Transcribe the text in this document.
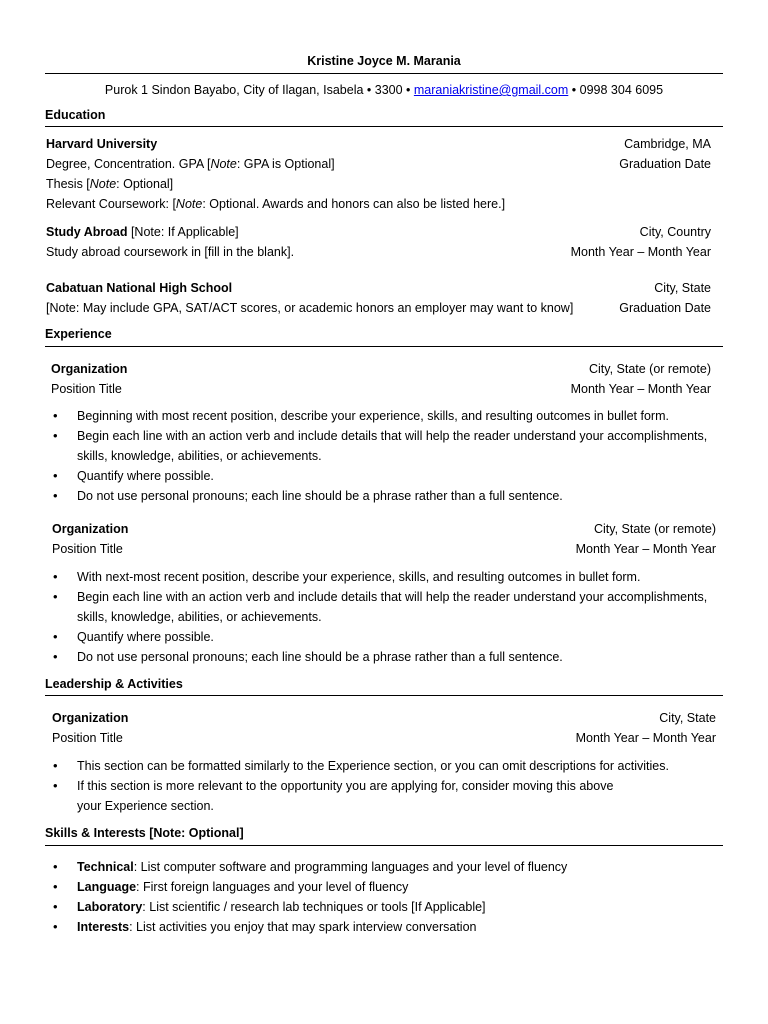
Kristine Joyce M. Marania
Purok 1 Sindon Bayabo, City of Ilagan, Isabela • 3300 • maraniakristine@gmail.com • 0998 304 6095
Education
Harvard University	Cambridge, MA
Degree, Concentration. GPA [Note: GPA is Optional]	Graduation Date
Thesis [Note: Optional]
Relevant Coursework: [Note: Optional. Awards and honors can also be listed here.]
Study Abroad [Note: If Applicable]	City, Country
Study abroad coursework in [fill in the blank].	Month Year – Month Year
Cabatuan National High School	City, State
[Note: May include GPA, SAT/ACT scores, or academic honors an employer may want to know]	Graduation Date
Experience
Organization	City, State (or remote)
Position Title	Month Year – Month Year
• Beginning with most recent position, describe your experience, skills, and resulting outcomes in bullet form.
• Begin each line with an action verb and include details that will help the reader understand your accomplishments, skills, knowledge, abilities, or achievements.
• Quantify where possible.
• Do not use personal pronouns; each line should be a phrase rather than a full sentence.
Organization	City, State (or remote)
Position Title	Month Year – Month Year
• With next-most recent position, describe your experience, skills, and resulting outcomes in bullet form.
• Begin each line with an action verb and include details that will help the reader understand your accomplishments, skills, knowledge, abilities, or achievements.
• Quantify where possible.
• Do not use personal pronouns; each line should be a phrase rather than a full sentence.
Leadership & Activities
Organization	City, State
Position Title	Month Year – Month Year
• This section can be formatted similarly to the Experience section, or you can omit descriptions for activities.
• If this section is more relevant to the opportunity you are applying for, consider moving this above your Experience section.
Skills & Interests [Note: Optional]
• Technical: List computer software and programming languages and your level of fluency
• Language: First foreign languages and your level of fluency
• Laboratory: List scientific / research lab techniques or tools [If Applicable]
• Interests: List activities you enjoy that may spark interview conversation
